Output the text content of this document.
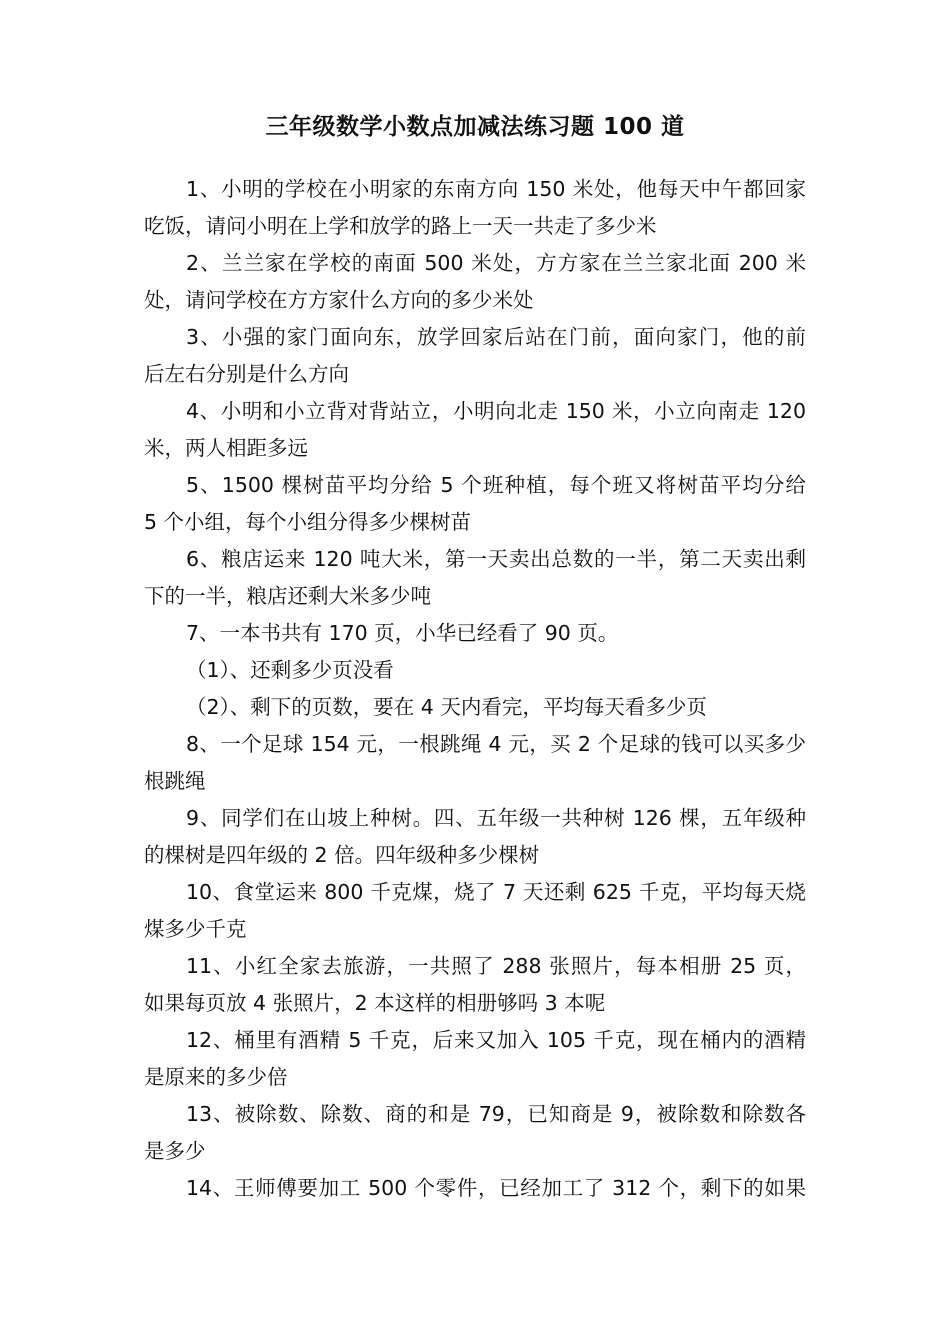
三年级数学小数点加减法练习题 100 道
1、小明的学校在小明家的东南方向 150 米处，他每天中午都回家
吃饭，请问小明在上学和放学的路上一天一共走了多少米
2、兰兰家在学校的南面 500 米处，方方家在兰兰家北面 200 米
处，请问学校在方方家什么方向的多少米处
3、小强的家门面向东，放学回家后站在门前，面向家门，他的前
后左右分别是什么方向
4、小明和小立背对背站立，小明向北走 150 米，小立向南走 120
米，两人相距多远
5、1500 棵树苗平均分给 5 个班种植，每个班又将树苗平均分给
5 个小组，每个小组分得多少棵树苗
6、粮店运来 120 吨大米，第一天卖出总数的一半，第二天卖出剩
下的一半，粮店还剩大米多少吨
7、一本书共有 170 页，小华已经看了 90 页。
（1）、还剩多少页没看
（2）、剩下的页数，要在 4 天内看完，平均每天看多少页
8、一个足球 154 元，一根跳绳 4 元，买 2 个足球的钱可以买多少
根跳绳
9、同学们在山坡上种树。四、五年级一共种树 126 棵，五年级种
的棵树是四年级的 2 倍。四年级种多少棵树
10、食堂运来 800 千克煤，烧了 7 天还剩 625 千克，平均每天烧
煤多少千克
11、小红全家去旅游，一共照了 288 张照片，每本相册 25 页，
如果每页放 4 张照片，2 本这样的相册够吗 3 本呢
12、桶里有酒精 5 千克，后来又加入 105 千克，现在桶内的酒精
是原来的多少倍
13、被除数、除数、商的和是 79，已知商是 9，被除数和除数各
是多少
14、王师傅要加工 500 个零件，已经加工了 312 个，剩下的如果
